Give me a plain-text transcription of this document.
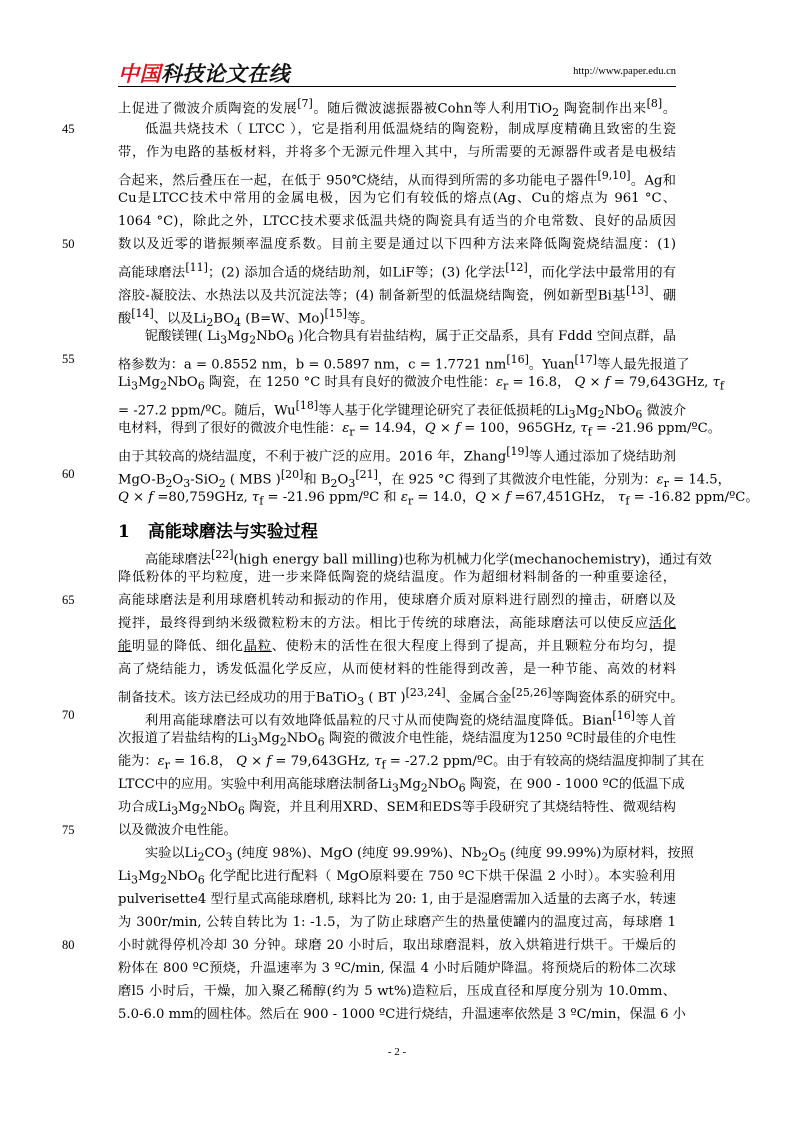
中国科技论文在线	http://www.paper.edu.cn
上促进了微波介质陶瓷的发展[7]。随后微波滤振器被Cohn等人利用TiO$_2$ 陶瓷制作出来[8]。
低温共烧技术（ LTCC ），它是指利用低温烧结的陶瓷粉，制成厚度精确且致密的生瓷
45
带，作为电路的基板材料，并将多个无源元件埋入其中，与所需要的无源器件或者是电极结
合起来，然后叠压在一起，在低于 950℃烧结，从而得到所需的多功能电子器件[9,10]。Ag和
Cu是LTCC技术中常用的金属电极，因为它们有较低的熔点(Ag、Cu的熔点为 961 °C、
1064 °C)，除此之外，LTCC技术要求低温共烧的陶瓷具有适当的介电常数、良好的品质因
数以及近零的谐振频率温度系数。目前主要是通过以下四种方法来降低陶瓷烧结温度：(1)
50
高能球磨法[11]；(2) 添加合适的烧结助剂，如LiF等；(3) 化学法[12]，而化学法中最常用的有
溶胶-凝胶法、水热法以及共沉淀法等；(4) 制备新型的低温烧结陶瓷，例如新型Bi基[13]、硼
酸[14]、以及$Li_2BO_4$ (B=W、Mo)[15]等。
铌酸镁锂( $Li_3Mg_2NbO_6$ )化合物具有岩盐结构，属于正交晶系，具有 Fddd 空间点群，晶
格参数为：a = 0.8552 nm，b = 0.5897 nm，c = 1.7721 nm[16]。Yuan[17]等人最先报道了
55
$Li_3Mg_2NbO_6$ 陶瓷，在 1250 °C 时具有良好的微波介电性能：$\varepsilon_r = 16.8$， Q × f = 79,643GHz, $\tau_f$
= -27.2 ppm/ºC。随后，Wu[18]等人基于化学键理论研究了表征低损耗的$Li_3Mg_2NbO_6$ 微波介
电材料，得到了很好的微波介电性能：$\varepsilon_r = 14.94$，Q × f = 100，965GHz, $\tau_f = -21.96$ ppm/ºC。
由于其较高的烧结温度，不利于被广泛的应用。2016 年，Zhang[19]等人通过添加了烧结助剂
MgO-$B_2O_3-SiO_2$ ( MBS )[20]和 $B_2O_3[21]$，在 925 °C 得到了其微波介电性能，分别为：$\varepsilon_r = 14.5$，
60
Q × f =80,759GHz, $\tau_f = -21.96$ ppm/ºC 和 $\varepsilon_r = 14.0$，Q × f =67,451GHz， $\tau_f = -16.82$ ppm/ºC。
高能球磨法[22](high energy ball milling)也称为机械力化学(mechanochemistry)，通过有效
降低粉体的平均粒度，进一步来降低陶瓷的烧结温度。作为超细材料制备的一种重要途径，
高能球磨法是利用球磨机转动和振动的作用，使球磨介质对原料进行剧烈的撞击，研磨以及
65
搅拌，最终得到纳米级微粒粉末的方法。相比于传统的球磨法，高能球磨法可以使反应活化
能明显的降低、细化晶粒、使粉末的活性在很大程度上得到了提高，并且颗粒分布均匀，提
高了烧结能力，诱发低温化学反应，从而使材料的性能得到改善，是一种节能、高效的材料
制备技术。该方法已经成功的用于BaTiO$_3$ ( BT )[23,24]、金属合金[25,26]等陶瓷体系的研究中。
利用高能球磨法可以有效地降低晶粒的尺寸从而使陶瓷的烧结温度降低。Bian[16]等人首
70
次报道了岩盐结构的$Li_3Mg_2NbO_6$ 陶瓷的微波介电性能，烧结温度为1250 ºC时最佳的介电性
能为：$\varepsilon_r = 16.8$， Q × f = 79,643GHz, $\tau_f = -27.2$ ppm/ºC。由于有较高的烧结温度抑制了其在
LTCC中的应用。实验中利用高能球磨法制备$Li_3Mg_2NbO_6$ 陶瓷，在 900 - 1000 ºC的低温下成
功合成$Li_3Mg_2NbO_6$ 陶瓷，并且利用XRD、SEM和EDS等手段研究了其烧结特性、微观结构
以及微波介电性能。
75
实验以$Li_2CO_3$ (纯度 98%)、MgO (纯度 99.99%)、$Nb_2O_5$ (纯度 99.99%)为原材料，按照
$Li_3Mg_2NbO_6$ 化学配比进行配料（ MgO原料要在 750 ºC下烘干保温 2 小时）。本实验利用
pulverisette4 型行星式高能球磨机, 球料比为 20: 1, 由于是湿磨需加入适量的去离子水，转速
为 300r/min, 公转自转比为 1: -1.5，为了防止球磨产生的热量使罐内的温度过高，每球磨 1
小时就得停机冷却 30 分钟。球磨 20 小时后，取出球磨混料，放入烘箱进行烘干。干燥后的
80
粉体在 800 ºC预烧，升温速率为 3 ºC/min, 保温 4 小时后随炉降温。将预烧后的粉体二次球
磨l5 小时后，干燥，加入聚乙稀醇(约为 5 wt%)造粒后，压成直径和厚度分别为 10.0mm、
5.0-6.0 mm的圆柱体。然后在 900 - 1000 ºC进行烧结，升温速率依然是 3 ºC/min，保温 6 小
1 高能球磨法与实验过程
- 2 -
